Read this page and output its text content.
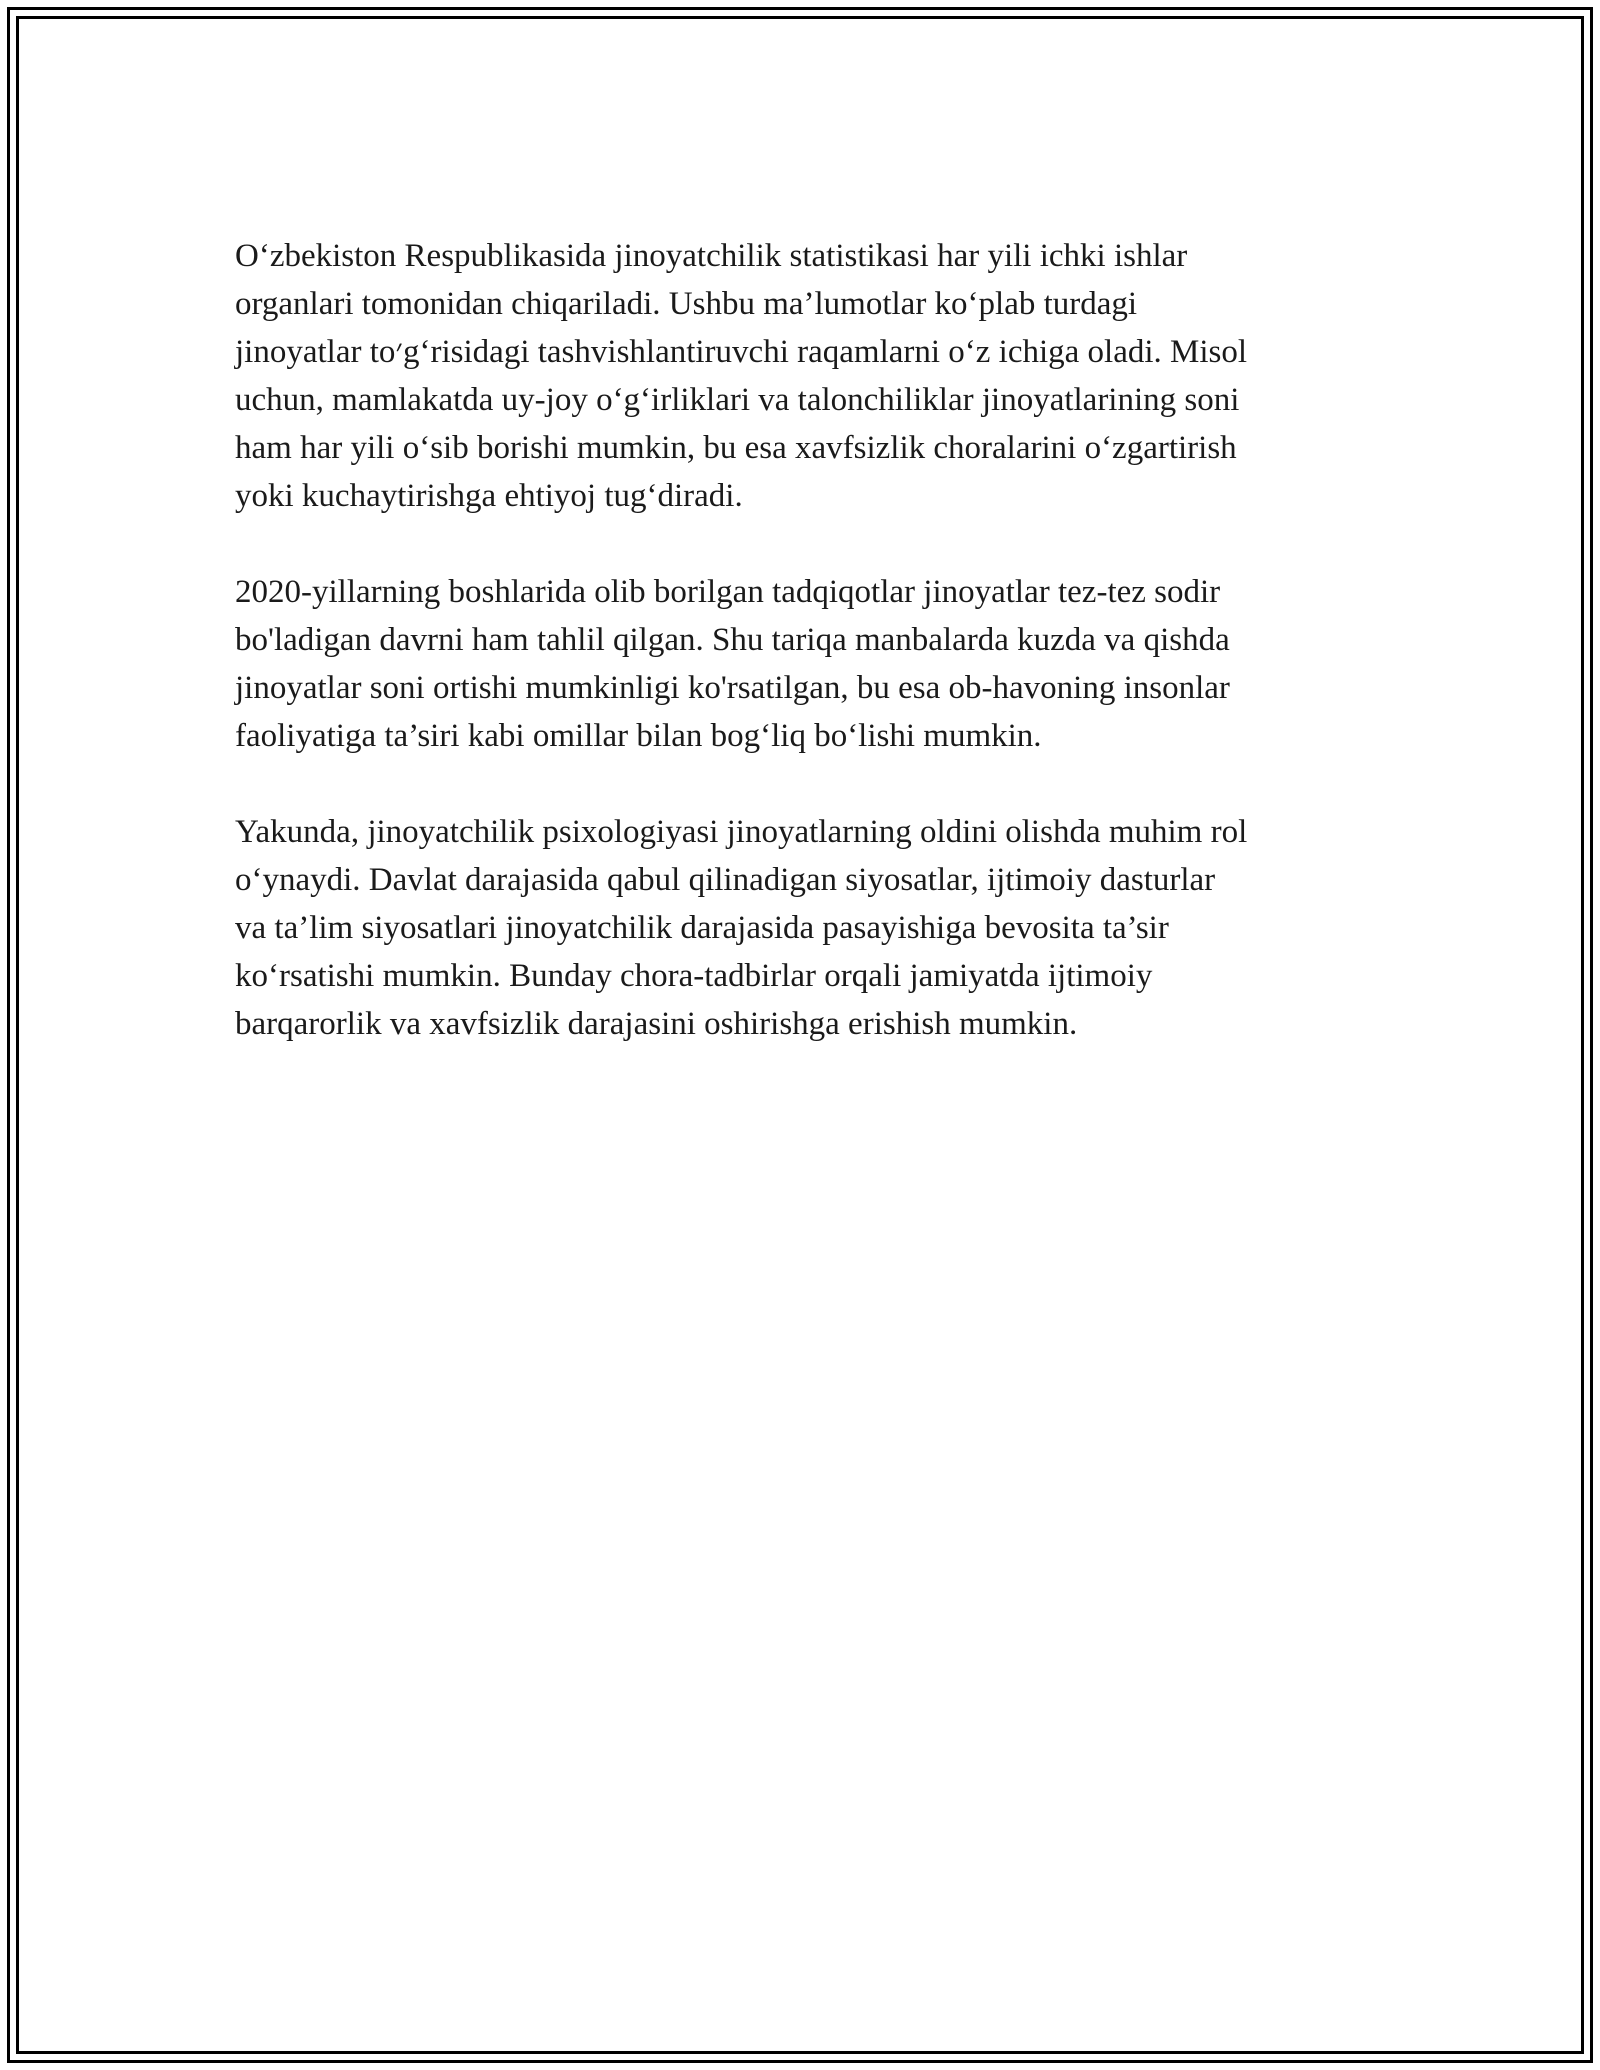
O‘zbekiston Respublikasida jinoyatchilik statistikasi har yili ichki ishlar
organlari tomonidan chiqariladi. Ushbu ma’lumotlar ko‘plab turdagi
jinoyatlar to׳g‘risidagi tashvishlantiruvchi raqamlarni o‘z ichiga oladi. Misol
uchun, mamlakatda uy-joy o‘g‘irliklari va talonchiliklar jinoyatlarining soni
ham har yili o‘sib borishi mumkin, bu esa xavfsizlik choralarini o‘zgartirish
yoki kuchaytirishga ehtiyoj tug‘diradi.

2020-yillarning boshlarida olib borilgan tadqiqotlar jinoyatlar tez-tez sodir
bo'ladigan davrni ham tahlil qilgan. Shu tariqa manbalarda kuzda va qishda
jinoyatlar soni ortishi mumkinligi ko'rsatilgan, bu esa ob-havoning insonlar
faoliyatiga ta’siri kabi omillar bilan bog‘liq bo‘lishi mumkin.

Yakunda, jinoyatchilik psixologiyasi jinoyatlarning oldini olishda muhim rol
o‘ynaydi. Davlat darajasida qabul qilinadigan siyosatlar, ijtimoiy dasturlar
va ta’lim siyosatlari jinoyatchilik darajasida pasayishiga bevosita ta’sir
ko‘rsatishi mumkin. Bunday chora-tadbirlar orqali jamiyatda ijtimoiy
barqarorlik va xavfsizlik darajasini oshirishga erishish mumkin.
